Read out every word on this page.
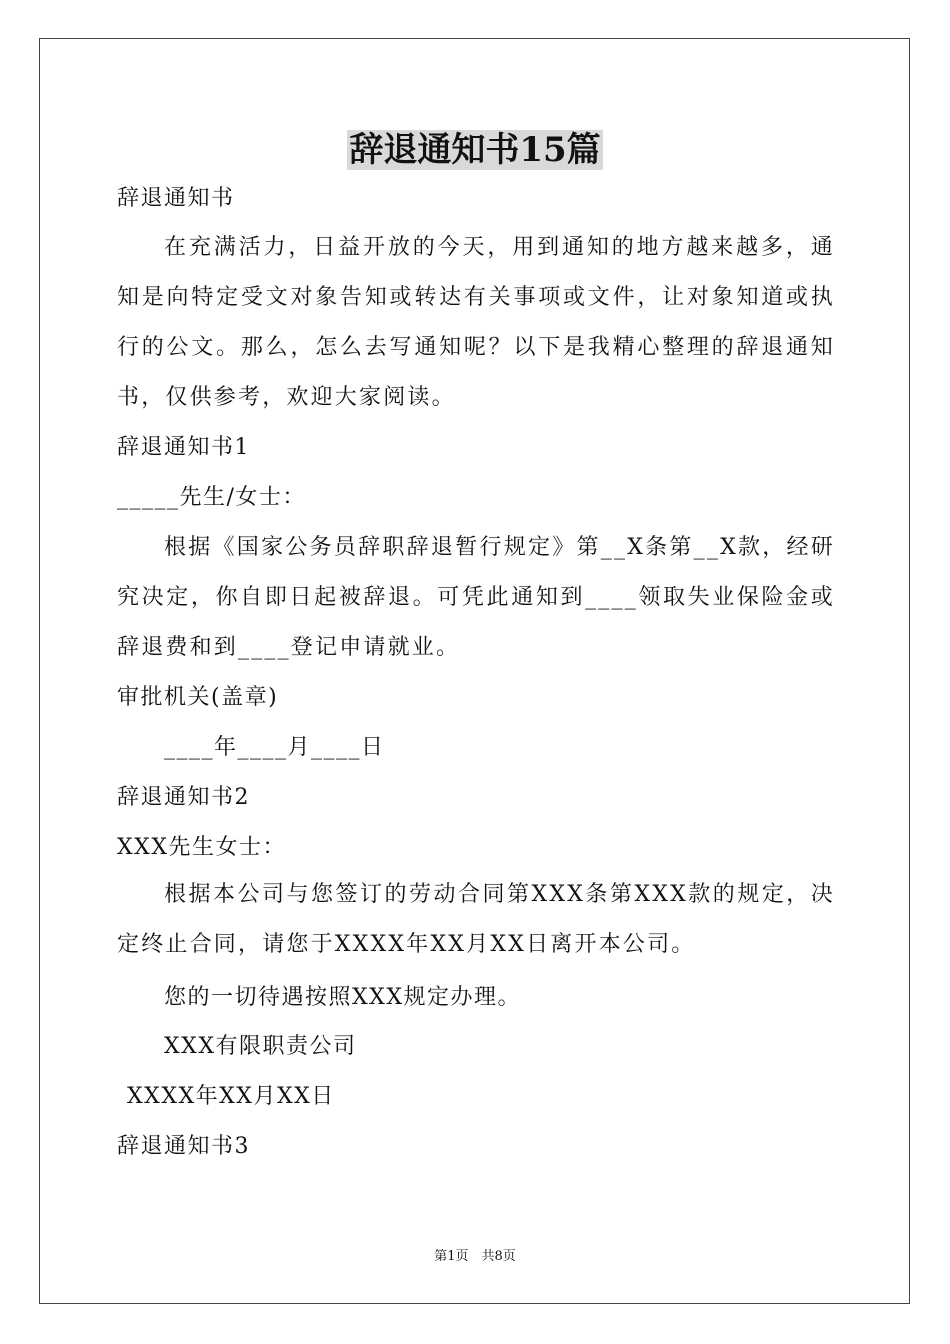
辞退通知书15篇

辞退通知书

在充满活力，日益开放的今天，用到通知的地方越来越多，通知是向特定受文对象告知或转达有关事项或文件，让对象知道或执行的公文。那么，怎么去写通知呢？以下是我精心整理的辞退通知书，仅供参考，欢迎大家阅读。

辞退通知书1

_____先生/女士：

根据《国家公务员辞职辞退暂行规定》第__X条第__X款，经研究决定，你自即日起被辞退。可凭此通知到____领取失业保险金或辞退费和到____登记申请就业。

审批机关(盖章)

____年____月____日

辞退通知书2

XXX先生女士：

根据本公司与您签订的劳动合同第XXX条第XXX款的规定，决定终止合同，请您于XXXX年XX月XX日离开本公司。

您的一切待遇按照XXX规定办理。

XXX有限职责公司

XXXX年XX月XX日

辞退通知书3

第1页　共8页
